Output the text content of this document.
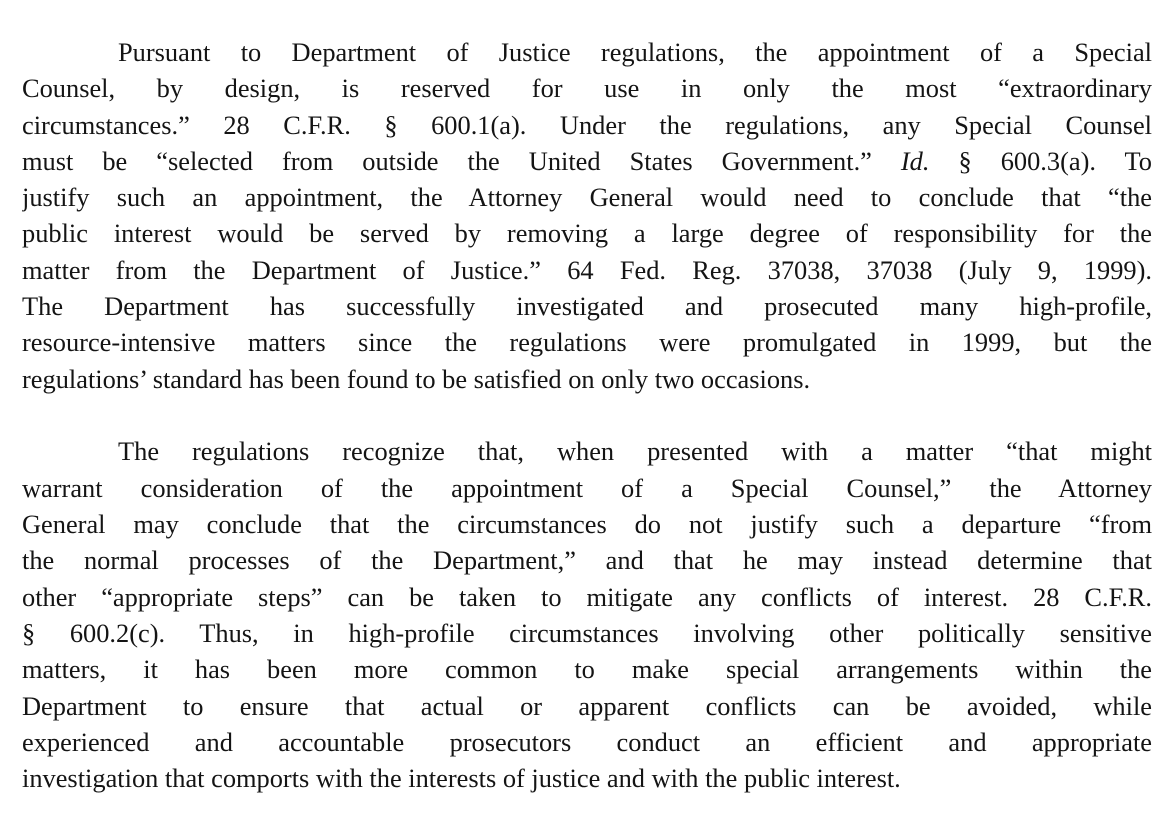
Pursuant to Department of Justice regulations, the appointment of a Special
Counsel, by design, is reserved for use in only the most “extraordinary
circumstances.” 28 C.F.R. § 600.1(a). Under the regulations, any Special Counsel
must be “selected from outside the United States Government.” Id. § 600.3(a). To
justify such an appointment, the Attorney General would need to conclude that “the
public interest would be served by removing a large degree of responsibility for the
matter from the Department of Justice.” 64 Fed. Reg. 37038, 37038 (July 9, 1999).
The Department has successfully investigated and prosecuted many high-profile,
resource-intensive matters since the regulations were promulgated in 1999, but the
regulations’ standard has been found to be satisfied on only two occasions.
The regulations recognize that, when presented with a matter “that might
warrant consideration of the appointment of a Special Counsel,” the Attorney
General may conclude that the circumstances do not justify such a departure “from
the normal processes of the Department,” and that he may instead determine that
other “appropriate steps” can be taken to mitigate any conflicts of interest. 28 C.F.R.
§ 600.2(c). Thus, in high-profile circumstances involving other politically sensitive
matters, it has been more common to make special arrangements within the
Department to ensure that actual or apparent conflicts can be avoided, while
experienced and accountable prosecutors conduct an efficient and appropriate
investigation that comports with the interests of justice and with the public interest.
